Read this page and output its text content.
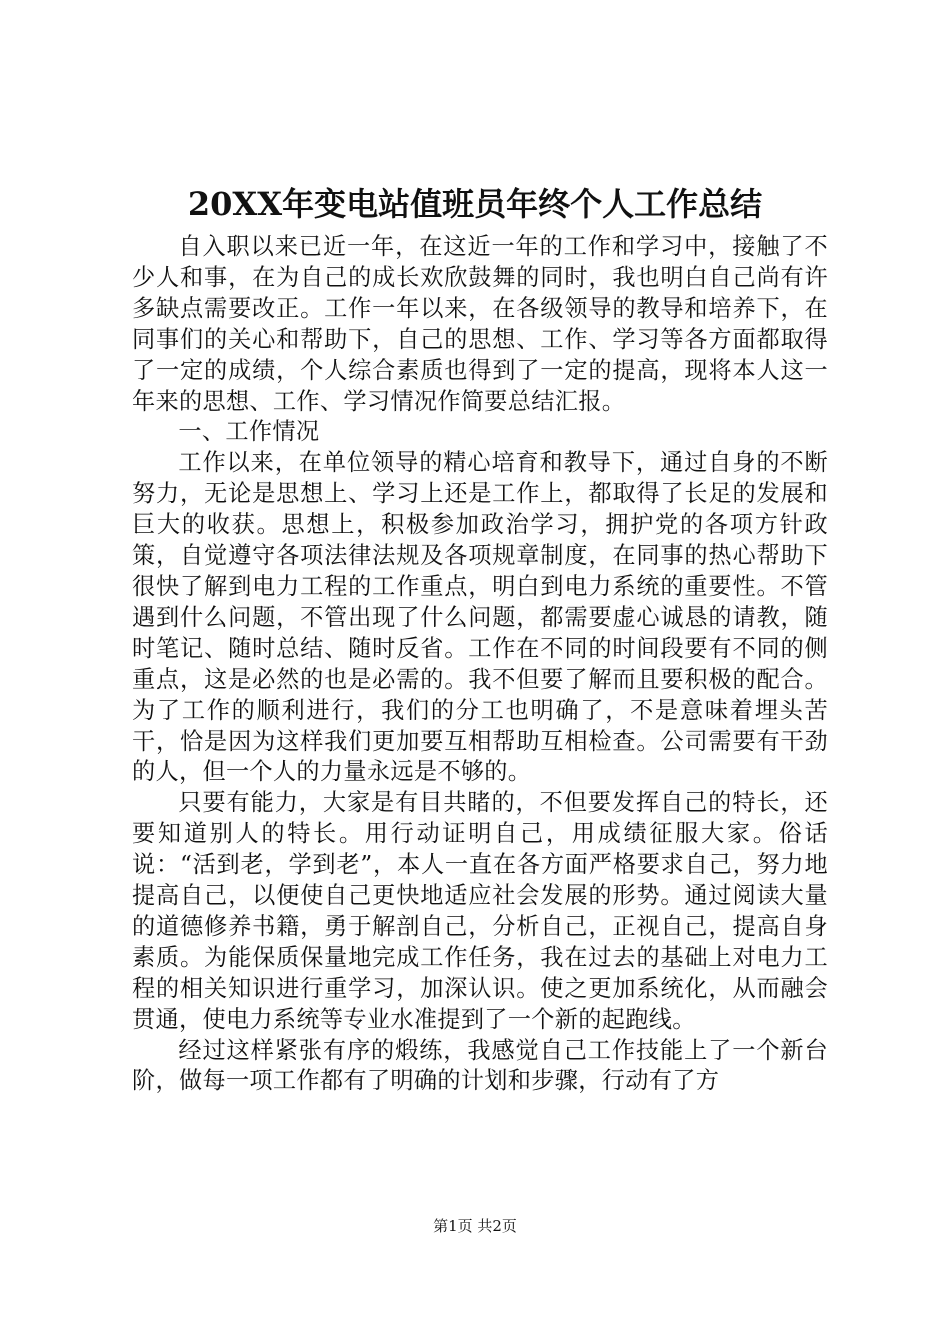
20XX年变电站值班员年终个人工作总结

自入职以来已近一年，在这近一年的工作和学习中，接触了不少人和事，在为自己的成长欢欣鼓舞的同时，我也明白自己尚有许多缺点需要改正。工作一年以来，在各级领导的教导和培养下，在同事们的关心和帮助下，自己的思想、工作、学习等各方面都取得了一定的成绩，个人综合素质也得到了一定的提高，现将本人这一年来的思想、工作、学习情况作简要总结汇报。

一、工作情况

工作以来，在单位领导的精心培育和教导下，通过自身的不断努力，无论是思想上、学习上还是工作上，都取得了长足的发展和巨大的收获。思想上，积极参加政治学习，拥护党的各项方针政策，自觉遵守各项法律法规及各项规章制度，在同事的热心帮助下很快了解到电力工程的工作重点，明白到电力系统的重要性。不管遇到什么问题，不管出现了什么问题，都需要虚心诚恳的请教，随时笔记、随时总结、随时反省。工作在不同的时间段要有不同的侧重点，这是必然的也是必需的。我不但要了解而且要积极的配合。为了工作的顺利进行，我们的分工也明确了，不是意味着埋头苦干，恰是因为这样我们更加要互相帮助互相检查。公司需要有干劲的人，但一个人的力量永远是不够的。

只要有能力，大家是有目共睹的，不但要发挥自己的特长，还要知道别人的特长。用行动证明自己，用成绩征服大家。俗话说：“活到老，学到老”，本人一直在各方面严格要求自己，努力地提高自己，以便使自己更快地适应社会发展的形势。通过阅读大量的道德修养书籍，勇于解剖自己，分析自己，正视自己，提高自身素质。为能保质保量地完成工作任务，我在过去的基础上对电力工程的相关知识进行重学习，加深认识。使之更加系统化，从而融会贯通，使电力系统等专业水准提到了一个新的起跑线。

经过这样紧张有序的煅练，我感觉自己工作技能上了一个新台阶，做每一项工作都有了明确的计划和步骤，行动有了方

第1页 共2页
